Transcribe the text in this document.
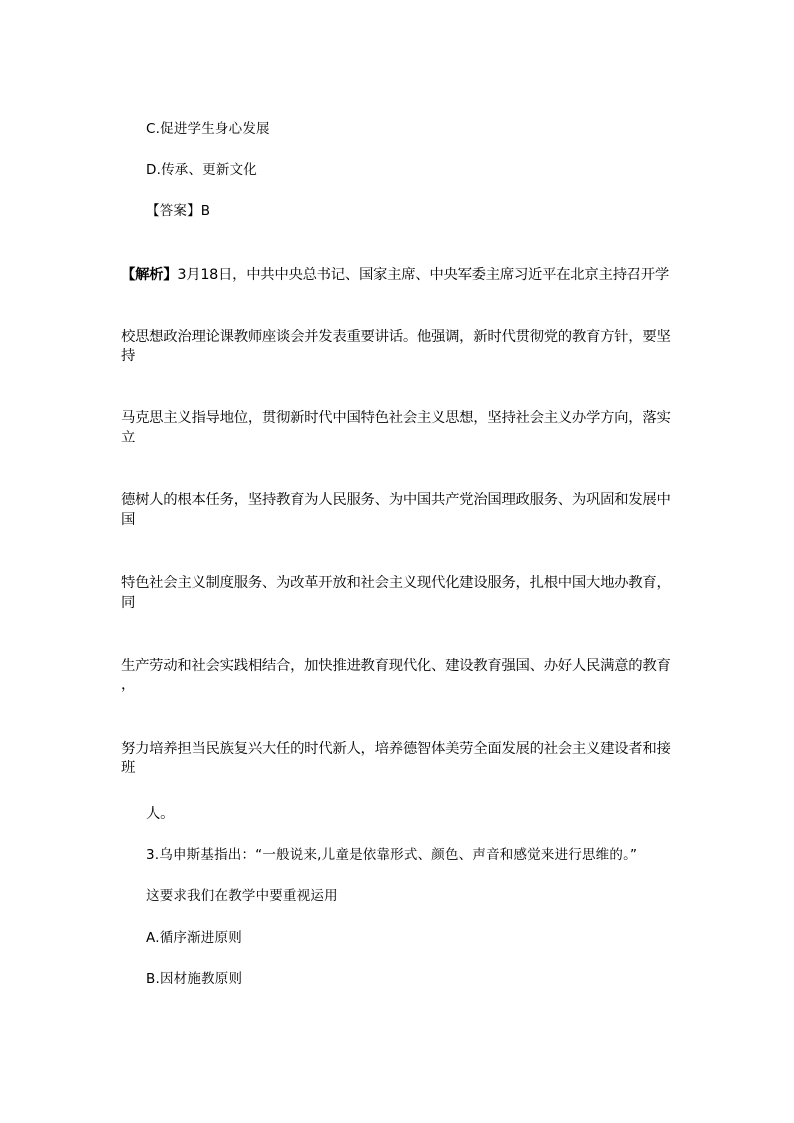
C.促进学生身心发展
D.传承、更新文化
【答案】B
【解析】3月18日，中共中央总书记、国家主席、中央军委主席习近平在北京主持召开学
校思想政治理论课教师座谈会并发表重要讲话。他强调，新时代贯彻党的教育方针，要坚
持
马克思主义指导地位，贯彻新时代中国特色社会主义思想，坚持社会主义办学方向，落实
立
德树人的根本任务，坚持教育为人民服务、为中国共产党治国理政服务、为巩固和发展中
国
特色社会主义制度服务、为改革开放和社会主义现代化建设服务，扎根中国大地办教育，
同
生产劳动和社会实践相结合，加快推进教育现代化、建设教育强国、办好人民满意的教育
，
努力培养担当民族复兴大任的时代新人，培养德智体美劳全面发展的社会主义建设者和接
班
人。
3.乌申斯基指出：“一般说来,儿童是依靠形式、颜色、声音和感觉来进行思维的。”
这要求我们在教学中要重视运用
A.循序渐进原则
B.因材施教原则
